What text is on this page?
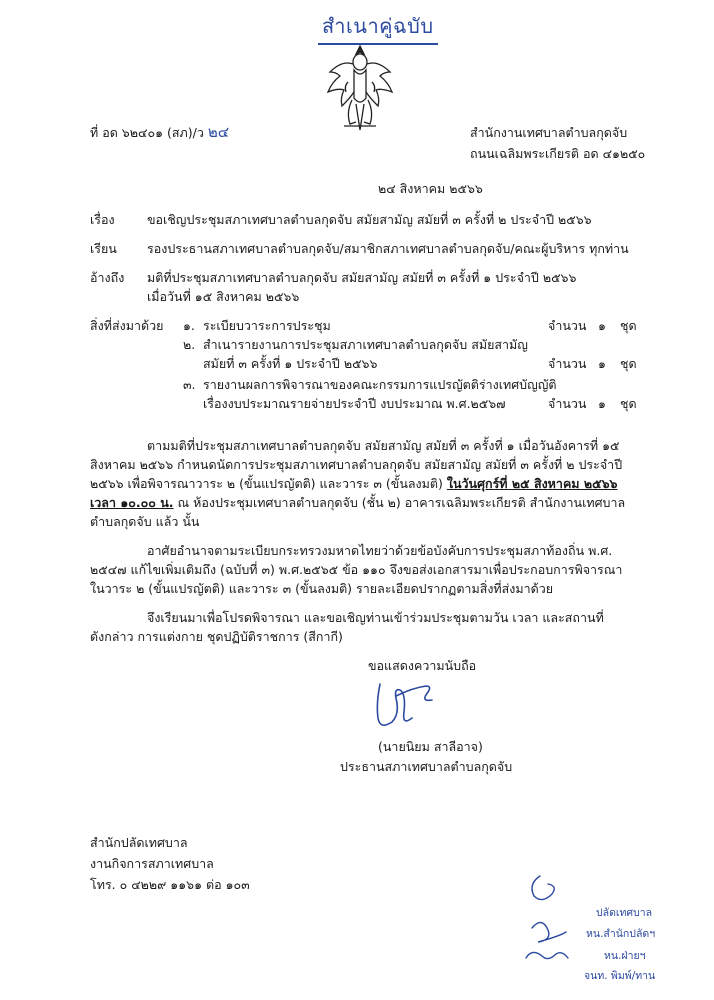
สำเนาคู่ฉบับ
ที่ อด ๖๒๔๐๑ (สภ)/ว ๒๔	สำนักงานเทศบาลตำบลกุดจับ
ถนนเฉลิมพระเกียรติ อด ๔๑๒๕๐
๒๔ สิงหาคม ๒๕๖๖
เรื่อง	ขอเชิญประชุมสภาเทศบาลตำบลกุดจับ สมัยสามัญ สมัยที่ ๓ ครั้งที่ ๒ ประจำปี ๒๕๖๖
เรียน รองประธานสภาเทศบาลตำบลกุดจับ/สมาชิกสภาเทศบาลตำบลกุดจับ/คณะผู้บริหาร ทุกท่าน
อ้างถึง มติที่ประชุมสภาเทศบาลตำบลกุดจับ สมัยสามัญ สมัยที่ ๓ ครั้งที่ ๑ ประจำปี ๒๕๖๖
เมื่อวันที่ ๑๕ สิงหาคม ๒๕๖๖
สิ่งที่ส่งมาด้วย ๑. ระเบียบวาระการประชุม	จำนวน ๑ ชุด
๒. สำเนารายงานการประชุมสภาเทศบาลตำบลกุดจับ สมัยสามัญ
สมัยที่ ๓ ครั้งที่ ๑ ประจำปี ๒๕๖๖	จำนวน ๑ ชุด
๓. รายงานผลการพิจารณาของคณะกรรมการแปรญัตติร่างเทศบัญญัติ
เรื่องงบประมาณรายจ่ายประจำปี งบประมาณ พ.ศ.๒๕๖๗	จำนวน ๑ ชุด
ตามมติที่ประชุมสภาเทศบาลตำบลกุดจับ สมัยสามัญ สมัยที่ ๓ ครั้งที่ ๑ เมื่อวันอังคารที่ ๑๕
สิงหาคม ๒๕๖๖ กำหนดนัดการประชุมสภาเทศบาลตำบลกุดจับ สมัยสามัญ สมัยที่ ๓ ครั้งที่ ๒ ประจำปี
๒๕๖๖ เพื่อพิจารณาวาระ ๒ (ขั้นแปรญัตติ) และวาระ ๓ (ขั้นลงมติ) ในวันศุกร์ที่ ๒๕ สิงหาคม ๒๕๖๖
เวลา ๑๐.๐๐ น. ณ ห้องประชุมเทศบาลตำบลกุดจับ (ชั้น ๒) อาคารเฉลิมพระเกียรติ สำนักงานเทศบาล
ตำบลกุดจับ แล้ว นั้น
อาศัยอำนาจตามระเบียบกระทรวงมหาดไทยว่าด้วยข้อบังคับการประชุมสภาท้องถิ่น พ.ศ.
๒๕๔๗ แก้ไขเพิ่มเติมถึง (ฉบับที่ ๓) พ.ศ.๒๕๖๕ ข้อ ๑๑๐ จึงขอส่งเอกสารมาเพื่อประกอบการพิจารณา
ในวาระ ๒ (ขั้นแปรญัตติ) และวาระ ๓ (ขั้นลงมติ) รายละเอียดปรากฏตามสิ่งที่ส่งมาด้วย
จึงเรียนมาเพื่อโปรดพิจารณา และขอเชิญท่านเข้าร่วมประชุมตามวัน เวลา และสถานที่
ดังกล่าว การแต่งกาย ชุดปฏิบัติราชการ (สีกากี)
ขอแสดงความนับถือ
(นายนิยม สาลีอาจ)
ประธานสภาเทศบาลตำบลกุดจับ
สำนักปลัดเทศบาล
งานกิจการสภาเทศบาล
โทร. ๐ ๔๒๒๙ ๑๑๖๑ ต่อ ๑๐๓
ปลัดเทศบาล
หน.สำนักปลัดฯ
หน.ฝ่ายฯ
จนท. พิมพ์/ทาน
